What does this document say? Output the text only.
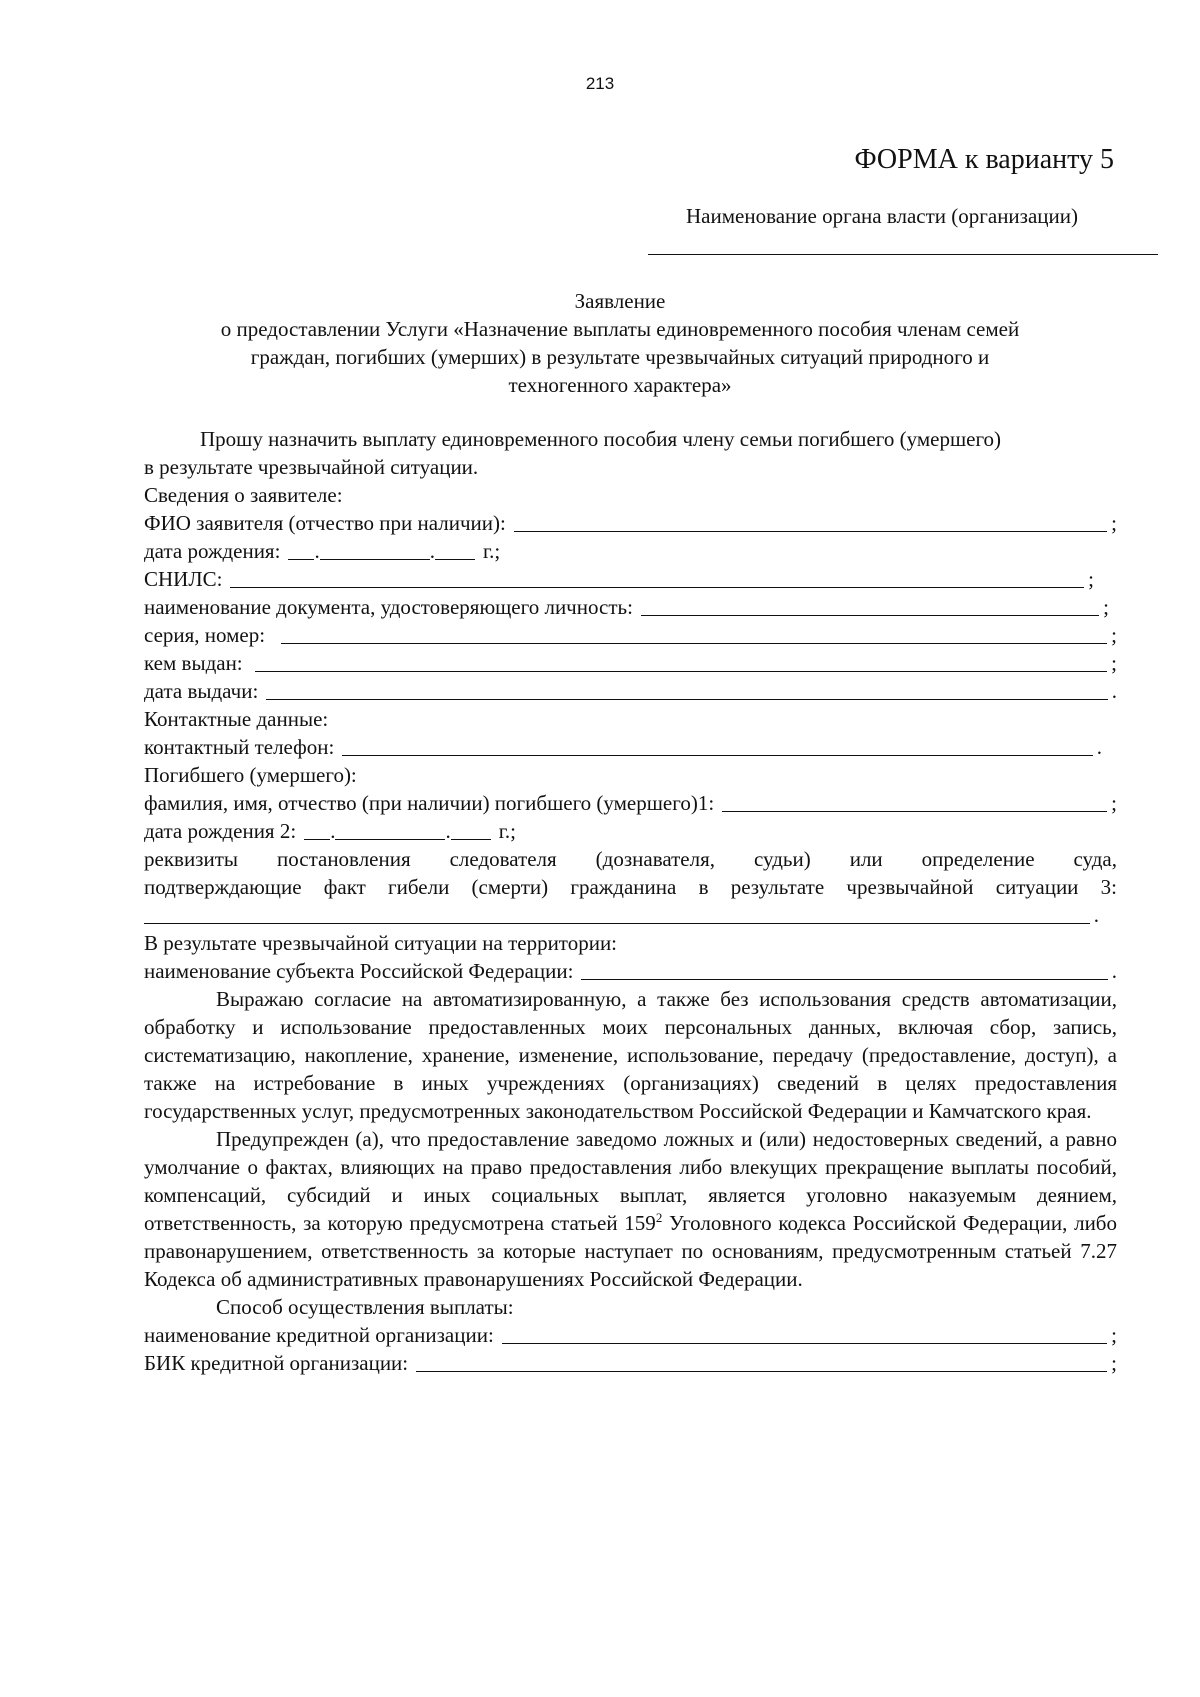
213
ФОРМА к варианту 5
Наименование органа власти (организации)
Заявление
о предоставлении Услуги «Назначение выплаты единовременного пособия членам семей
граждан, погибших (умерших) в результате чрезвычайных ситуаций природного и
техногенного характера»

Прошу назначить выплату единовременного пособия члену семьи погибшего (умершего)

в результате чрезвычайной ситуации.

Сведения о заявителе:

ФИО заявителя (отчество при наличии):	;
дата рождения: .	. г.;
СНИЛС:	;
наименование документа, удостоверяющего личность:	;
серия, номер:	;
кем выдан:	;
дата выдачи:	.

Контактные данные:

контактный телефон:	.

Погибшего (умершего):

фамилия, имя, отчество (при наличии) погибшего (умершего)1:	;
дата рождения 2: .	. г.;
реквизиты постановления следователя (дознавателя, судьи) или определение суда,
подтверждающие факт гибели (смерти) гражданина в результате чрезвычайной ситуации 3:
.

В результате чрезвычайной ситуации на территории:

наименование субъекта Российской Федерации:	.

Выражаю согласие на автоматизированную, а также без использования средств автоматизации, обработку и использование предоставленных моих персональных данных, включая сбор, запись, систематизацию, накопление, хранение, изменение, использование, передачу (предоставление, доступ), а также на истребование в иных учреждениях (организациях) сведений в целях предоставления государственных услуг, предусмотренных законодательством Российской Федерации и Камчатского края.

Предупрежден (а), что предоставление заведомо ложных и (или) недостоверных сведений, а равно умолчание о фактах, влияющих на право предоставления либо влекущих прекращение выплаты пособий, компенсаций, субсидий и иных социальных выплат, является уголовно наказуемым деянием, ответственность, за которую предусмотрена статьей $159^2$ Уголовного кодекса Российской Федерации, либо правонарушением, ответственность за которые наступает по основаниям, предусмотренным статьей 7.27 Кодекса об административных правонарушениях Российской Федерации.

Способ осуществления выплаты:

наименование кредитной организации:	;
БИК кредитной организации:	;
